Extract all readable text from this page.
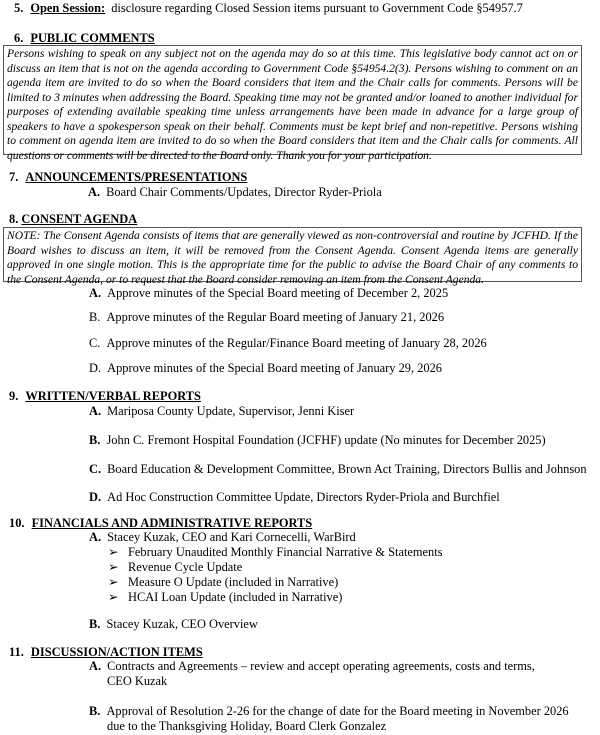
5. Open Session: disclosure regarding Closed Session items pursuant to Government Code §54957.7
6. PUBLIC COMMENTS
Persons wishing to speak on any subject not on the agenda may do so at this time. This legislative body cannot act on or discuss an item that is not on the agenda according to Government Code §54954.2(3). Persons wishing to comment on an agenda item are invited to do so when the Board considers that item and the Chair calls for comments. Persons will be limited to 3 minutes when addressing the Board. Speaking time may not be granted and/or loaned to another individual for purposes of extending available speaking time unless arrangements have been made in advance for a large group of speakers to have a spokesperson speak on their behalf. Comments must be kept brief and non-repetitive. Persons wishing to comment on agenda item are invited to do so when the Board considers that item and the Chair calls for comments. All questions or comments will be directed to the Board only. Thank you for your participation.
7. ANNOUNCEMENTS/PRESENTATIONS
A. Board Chair Comments/Updates, Director Ryder-Priola
8. CONSENT AGENDA
NOTE: The Consent Agenda consists of items that are generally viewed as non-controversial and routine by JCFHD. If the Board wishes to discuss an item, it will be removed from the Consent Agenda. Consent Agenda items are generally approved in one single motion. This is the appropriate time for the public to advise the Board Chair of any comments to the Consent Agenda, or to request that the Board consider removing an item from the Consent Agenda.
A. Approve minutes of the Special Board meeting of December 2, 2025
B. Approve minutes of the Regular Board meeting of January 21, 2026
C. Approve minutes of the Regular/Finance Board meeting of January 28, 2026
D. Approve minutes of the Special Board meeting of January 29, 2026
9. WRITTEN/VERBAL REPORTS
A. Mariposa County Update, Supervisor, Jenni Kiser
B. John C. Fremont Hospital Foundation (JCFHF) update (No minutes for December 2025)
C. Board Education & Development Committee, Brown Act Training, Directors Bullis and Johnson
D. Ad Hoc Construction Committee Update, Directors Ryder-Priola and Burchfiel
10. FINANCIALS AND ADMINISTRATIVE REPORTS
A. Stacey Kuzak, CEO and Kari Cornecelli, WarBird
➢ February Unaudited Monthly Financial Narrative & Statements
➢ Revenue Cycle Update
➢ Measure O Update (included in Narrative)
➢ HCAI Loan Update (included in Narrative)
B. Stacey Kuzak, CEO Overview
11. DISCUSSION/ACTION ITEMS
A. Contracts and Agreements – review and accept operating agreements, costs and terms,
CEO Kuzak
B. Approval of Resolution 2-26 for the change of date for the Board meeting in November 2026
due to the Thanksgiving Holiday, Board Clerk Gonzalez
